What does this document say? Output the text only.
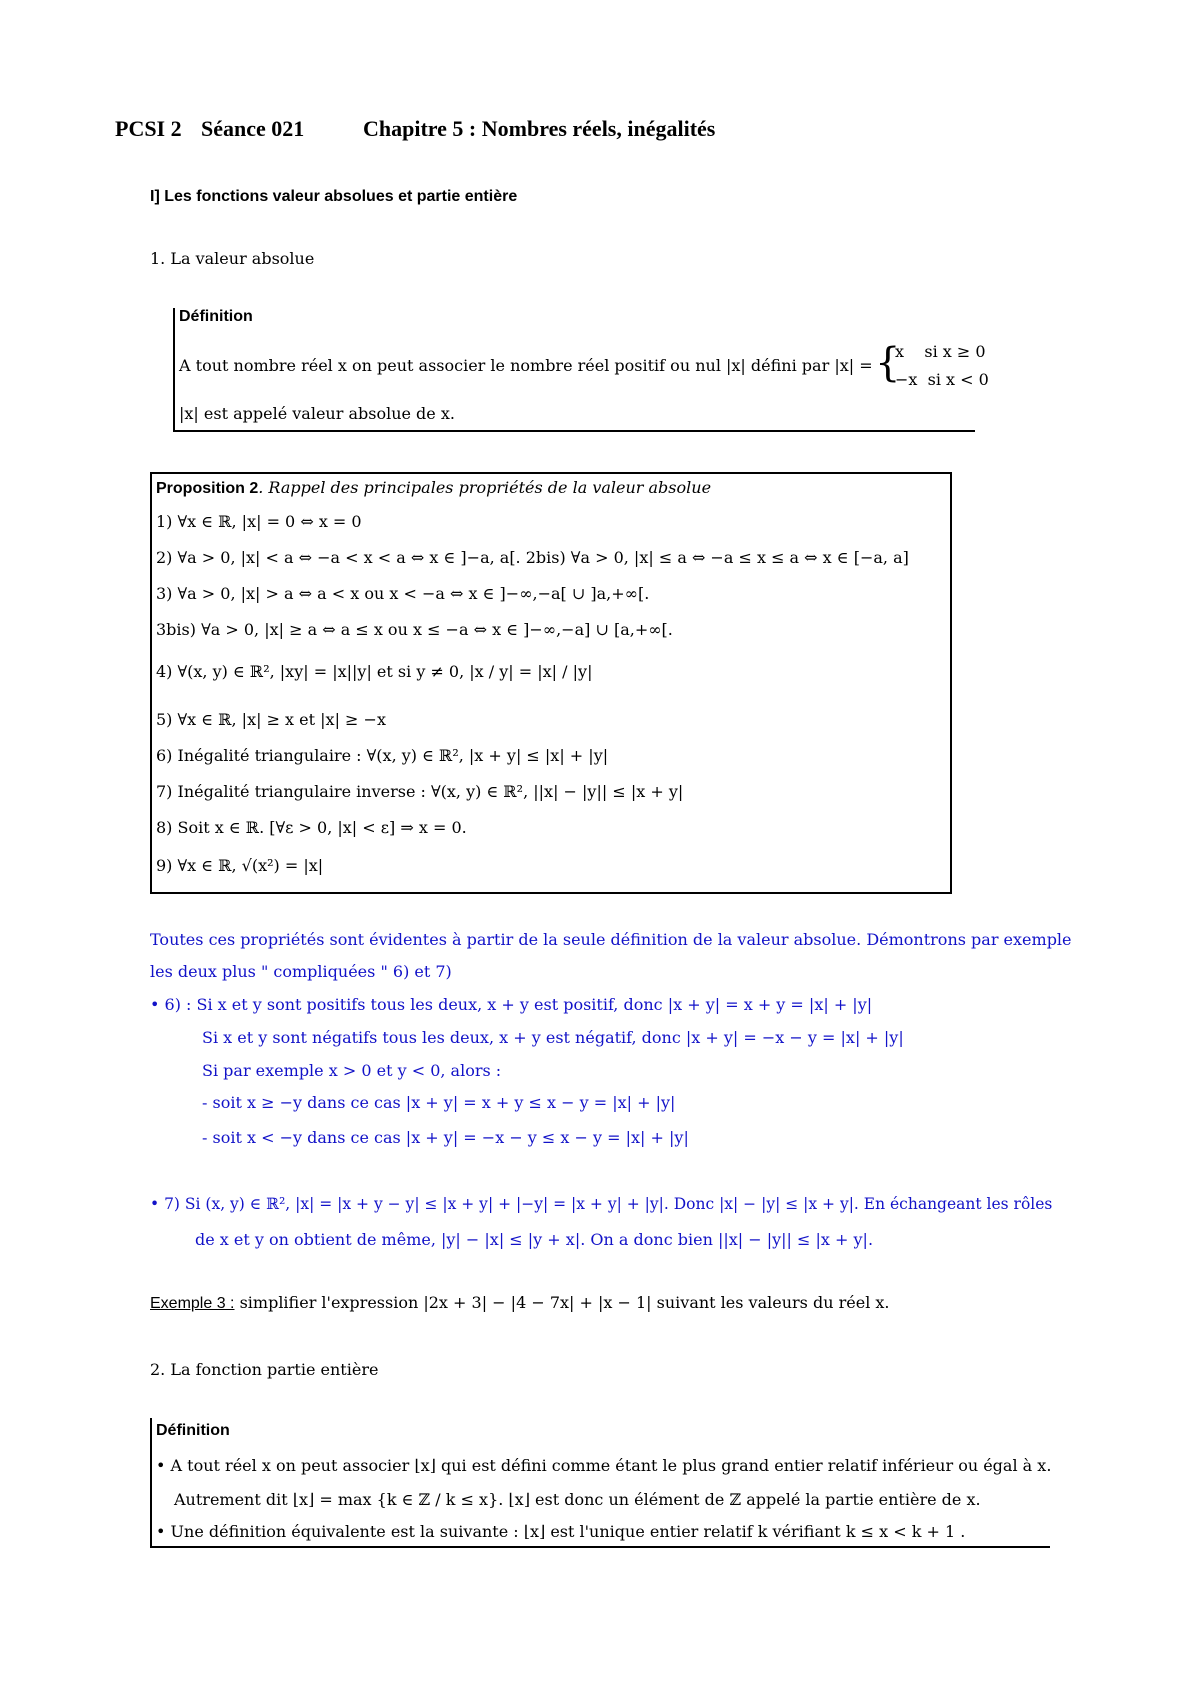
PCSI 2 Séance 021	Chapitre 5 : Nombres réels, inégalités
I] Les fonctions valeur absolues et partie entière
1. La valeur absolue
Définition
A tout nombre réel x on peut associer le nombre réel positif ou nul |x| défini par |x| = {
x    si x ≥ 0
−x  si x < 0
|x| est appelé valeur absolue de x.
Proposition 2. Rappel des principales propriétés de la valeur absolue
1) ∀x ∈ ℝ, |x| = 0 ⇔ x = 0
2) ∀a > 0, |x| < a ⇔ −a < x < a ⇔ x ∈ ]−a, a[. 2bis) ∀a > 0, |x| ≤ a ⇔ −a ≤ x ≤ a ⇔ x ∈ [−a, a]
3) ∀a > 0, |x| > a ⇔ a < x ou x < −a ⇔ x ∈ ]−∞,−a[ ∪ ]a,+∞[.
3bis) ∀a > 0, |x| ≥ a ⇔ a ≤ x ou x ≤ −a ⇔ x ∈ ]−∞,−a] ∪ [a,+∞[.
4) ∀(x, y) ∈ ℝ², |xy| = |x||y| et si y ≠ 0, |x / y| = |x| / |y|
5) ∀x ∈ ℝ, |x| ≥ x et |x| ≥ −x
6) Inégalité triangulaire : ∀(x, y) ∈ ℝ², |x + y| ≤ |x| + |y|
7) Inégalité triangulaire inverse : ∀(x, y) ∈ ℝ², ||x| − |y|| ≤ |x + y|
8) Soit x ∈ ℝ. [∀ε > 0, |x| < ε] ⇒ x = 0.
9) ∀x ∈ ℝ, √(x²) = |x|
Toutes ces propriétés sont évidentes à partir de la seule définition de la valeur absolue. Démontrons par exemple
les deux plus " compliquées " 6) et 7)
• 6) : Si x et y sont positifs tous les deux, x + y est positif, donc |x + y| = x + y = |x| + |y|
Si x et y sont négatifs tous les deux, x + y est négatif, donc |x + y| = −x − y = |x| + |y|
Si par exemple x > 0 et y < 0, alors :
- soit x ≥ −y dans ce cas |x + y| = x + y ≤ x − y = |x| + |y|
- soit x < −y dans ce cas |x + y| = −x − y ≤ x − y = |x| + |y|
• 7) Si (x, y) ∈ ℝ², |x| = |x + y − y| ≤ |x + y| + |−y| = |x + y| + |y|. Donc |x| − |y| ≤ |x + y|. En échangeant les rôles
de x et y on obtient de même, |y| − |x| ≤ |y + x|. On a donc bien ||x| − |y|| ≤ |x + y|.
Exemple 3 : simplifier l'expression |2x + 3| − |4 − 7x| + |x − 1| suivant les valeurs du réel x.
2. La fonction partie entière
Définition
• A tout réel x on peut associer ⌊x⌋ qui est défini comme étant le plus grand entier relatif inférieur ou égal à x.
Autrement dit ⌊x⌋ = max {k ∈ ℤ / k ≤ x}. ⌊x⌋ est donc un élément de ℤ appelé la partie entière de x.
• Une définition équivalente est la suivante : ⌊x⌋ est l'unique entier relatif k vérifiant k ≤ x < k + 1 .
